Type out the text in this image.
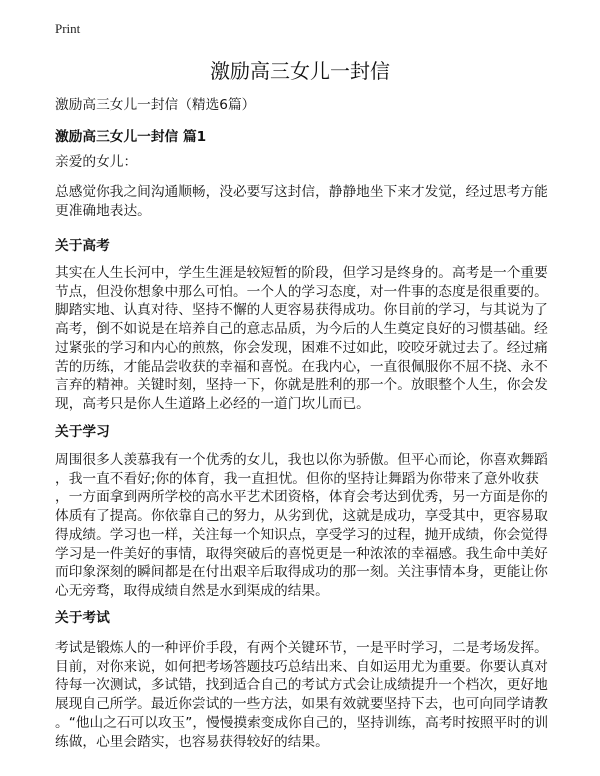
Print
激励高三女儿一封信
激励高三女儿一封信（精选6篇）
激励高三女儿一封信 篇1
亲爱的女儿：
总感觉你我之间沟通顺畅，没必要写这封信，静静地坐下来才发觉，经过思考方能
更准确地表达。
关于高考
其实在人生长河中，学生生涯是较短暂的阶段，但学习是终身的。高考是一个重要
节点，但没你想象中那么可怕。一个人的学习态度，对一件事的态度是很重要的。
脚踏实地、认真对待、坚持不懈的人更容易获得成功。你目前的学习，与其说为了
高考，倒不如说是在培养自己的意志品质，为今后的人生奠定良好的习惯基础。经
过紧张的学习和内心的煎熬，你会发现，困难不过如此，咬咬牙就过去了。经过痛
苦的历练，才能品尝收获的幸福和喜悦。在我内心，一直很佩服你不屈不挠、永不
言弃的精神。关键时刻，坚持一下，你就是胜利的那一个。放眼整个人生，你会发
现，高考只是你人生道路上必经的一道门坎儿而已。
关于学习
周围很多人羡慕我有一个优秀的女儿，我也以你为骄傲。但平心而论，你喜欢舞蹈
，我一直不看好;你的体育，我一直担忧。但你的坚持让舞蹈为你带来了意外收获
，一方面拿到两所学校的高水平艺术团资格，体育会考达到优秀，另一方面是你的
体质有了提高。你依靠自己的努力，从劣到优，这就是成功，享受其中，更容易取
得成绩。学习也一样，关注每一个知识点，享受学习的过程，抛开成绩，你会觉得
学习是一件美好的事情，取得突破后的喜悦更是一种浓浓的幸福感。我生命中美好
而印象深刻的瞬间都是在付出艰辛后取得成功的那一刻。关注事情本身，更能让你
心无旁骛，取得成绩自然是水到渠成的结果。
关于考试
考试是锻炼人的一种评价手段，有两个关键环节，一是平时学习，二是考场发挥。
目前，对你来说，如何把考场答题技巧总结出来、自如运用尤为重要。你要认真对
待每一次测试，多试错，找到适合自己的考试方式会让成绩提升一个档次，更好地
展现自己所学。最近你尝试的一些方法，如果有效就要坚持下去，也可向同学请教
。“他山之石可以攻玉”，慢慢摸索变成你自己的，坚持训练，高考时按照平时的训
练做，心里会踏实，也容易获得较好的结果。
